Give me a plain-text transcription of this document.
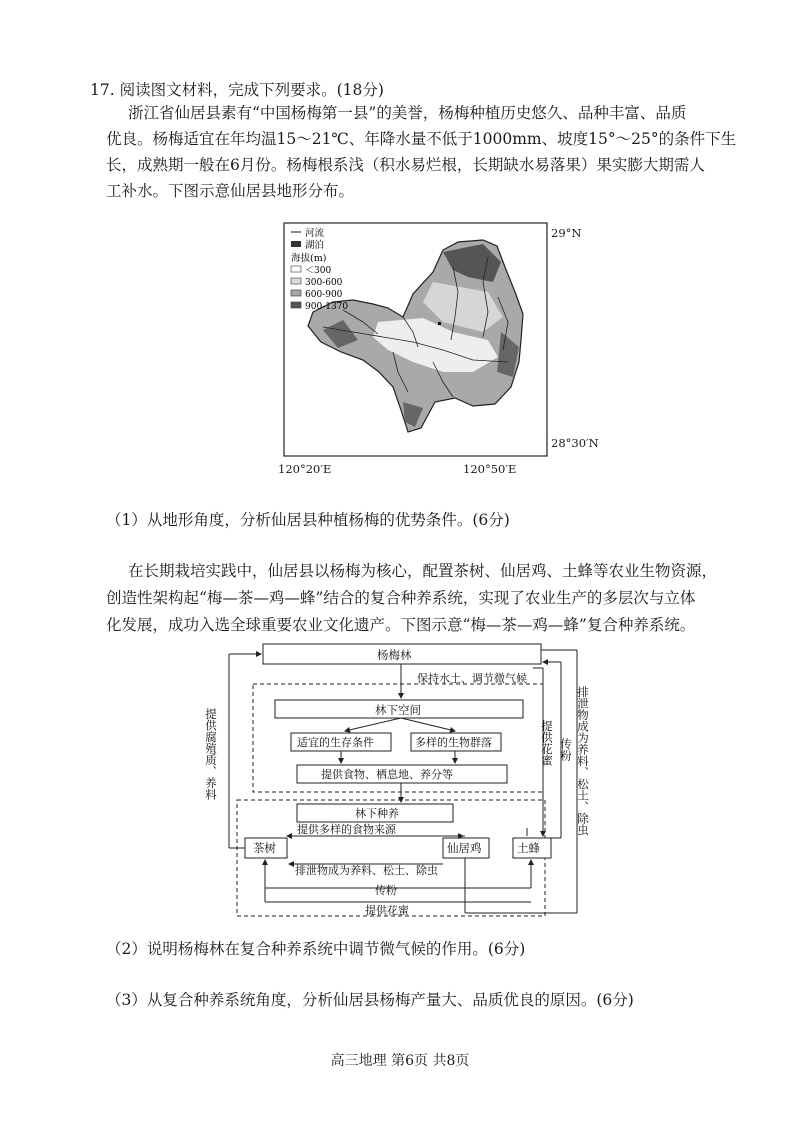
17. 阅读图文材料，完成下列要求。(18分)
浙江省仙居县素有“中国杨梅第一县”的美誉，杨梅种植历史悠久、品种丰富、品质
优良。杨梅适宜在年均温15～21℃、年降水量不低于1000mm、坡度15°～25°的条件下生
长，成熟期一般在6月份。杨梅根系浅（积水易烂根，长期缺水易落果）果实膨大期需人
工补水。下图示意仙居县地形分布。
河流
湖泊
海拔(m)
＜300
300-600
600-900
900-1370
29°N
28°30′N
120°20′E	120°50′E
（1）从地形角度，分析仙居县种植杨梅的优势条件。(6分)
在长期栽培实践中，仙居县以杨梅为核心，配置茶树、仙居鸡、土蜂等农业生物资源，
创造性架构起“梅—茶—鸡—蜂”结合的复合种养系统，实现了农业生产的多层次与立体
化发展，成功入选全球重要农业文化遗产。下图示意“梅—茶—鸡—蜂”复合种养系统。
杨梅林
保持水土、调节微气候
林下空间
适宜的生存条件	多样的生物群落
提供食物、栖息地、养分等
林下种养
提供多样的食物来源
茶树	仙居鸡	土蜂
排泄物成为养料、松土、除虫
传粉
提供花蜜
提供腐殖质、养料	提供花蜜 传粉 排泄物成为养料、松土、除虫
（2）说明杨梅林在复合种养系统中调节微气候的作用。(6分)
（3）从复合种养系统角度，分析仙居县杨梅产量大、品质优良的原因。(6分)
高三地理 第6页 共8页
